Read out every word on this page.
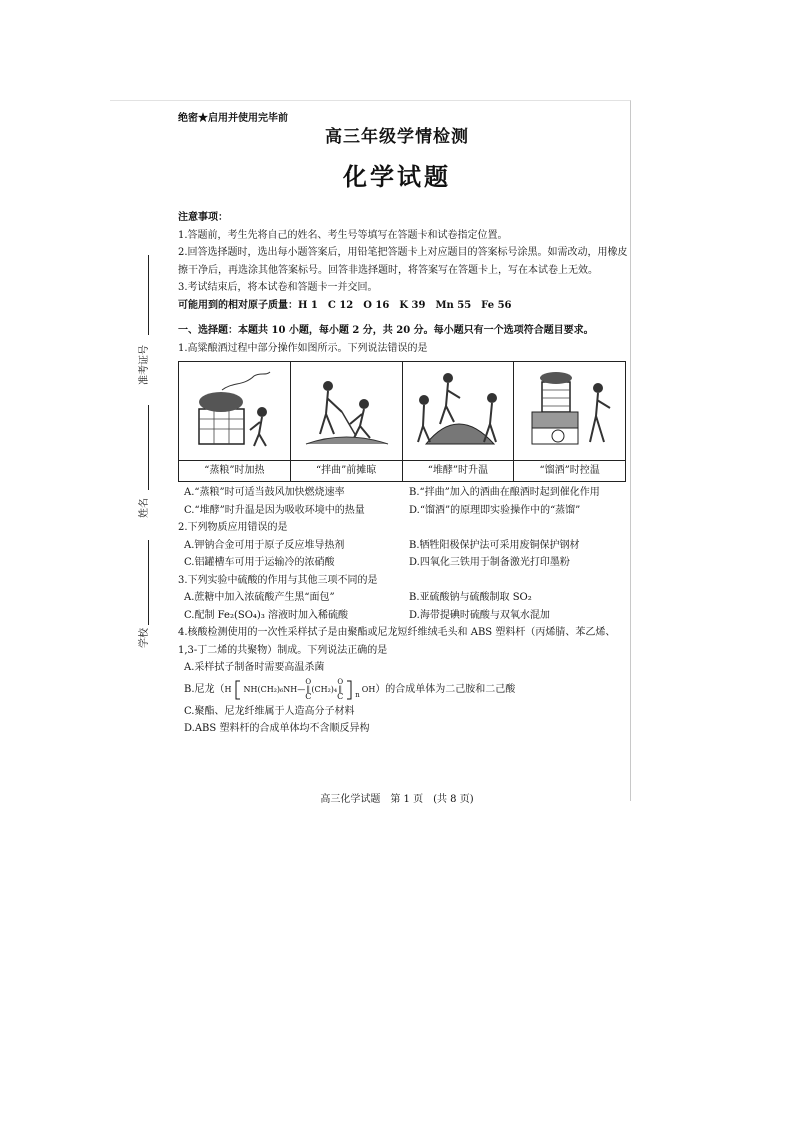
绝密★启用并使用完毕前
高三年级学情检测
化学试题
准考证号
姓名
学校

注意事项：

1.答题前，考生先将自己的姓名、考生号等填写在答题卡和试卷指定位置。

2.回答选择题时，选出每小题答案后，用铅笔把答题卡上对应题目的答案标号涂黑。如需改动，用橡皮擦干净后，再选涂其他答案标号。回答非选择题时，将答案写在答题卡上，写在本试卷上无效。

3.考试结束后，将本试卷和答题卡一并交回。

可能用到的相对原子质量：H 1　C 12　O 16　K 39　Mn 55　Fe 56

一、选择题：本题共 10 小题，每小题 2 分，共 20 分。每小题只有一个选项符合题目要求。

1.高粱酿酒过程中部分操作如图所示。下列说法错误的是

“蒸粮”时加热	“拌曲”前摊晾	“堆酵”时升温	“馏酒”时控温
A.“蒸粮”时可适当鼓风加快燃烧速率	B.“拌曲”加入的酒曲在酿酒时起到催化作用
C.“堆酵”时升温是因为吸收环境中的热量	D.“馏酒”的原理即实验操作中的“蒸馏”

2.下列物质应用错误的是

A.钾钠合金可用于原子反应堆导热剂	B.牺牲阳极保护法可采用废铜保护钢材
C.铝罐槽车可用于运输冷的浓硝酸	D.四氧化三铁用于制备激光打印墨粉

3.下列实验中硫酸的作用与其他三项不同的是

A.蔗糖中加入浓硫酸产生黑“面包”	B.亚硫酸钠与硫酸制取 SO₂
C.配制 Fe₂(SO₄)₃ 溶液时加入稀硫酸	D.海带提碘时硫酸与双氧水混加

4.核酸检测使用的一次性采样拭子是由聚酯或尼龙短纤维绒毛头和 ABS 塑料杆（丙烯腈、苯乙烯、1,3-丁二烯的共聚物）制成。下列说法正确的是

A.采样拭子制备时需要高温杀菌
B.尼龙（ H NH(CH₂)₆NH —
O
‖
C
(CH₂)₄
O
‖
C $_n$
OH ）的合成单体为二己胺和二己酸
C.聚酯、尼龙纤维属于人造高分子材料
D.ABS 塑料杆的合成单体均不含顺反异构
高三化学试题　第 1 页　(共 8 页)
